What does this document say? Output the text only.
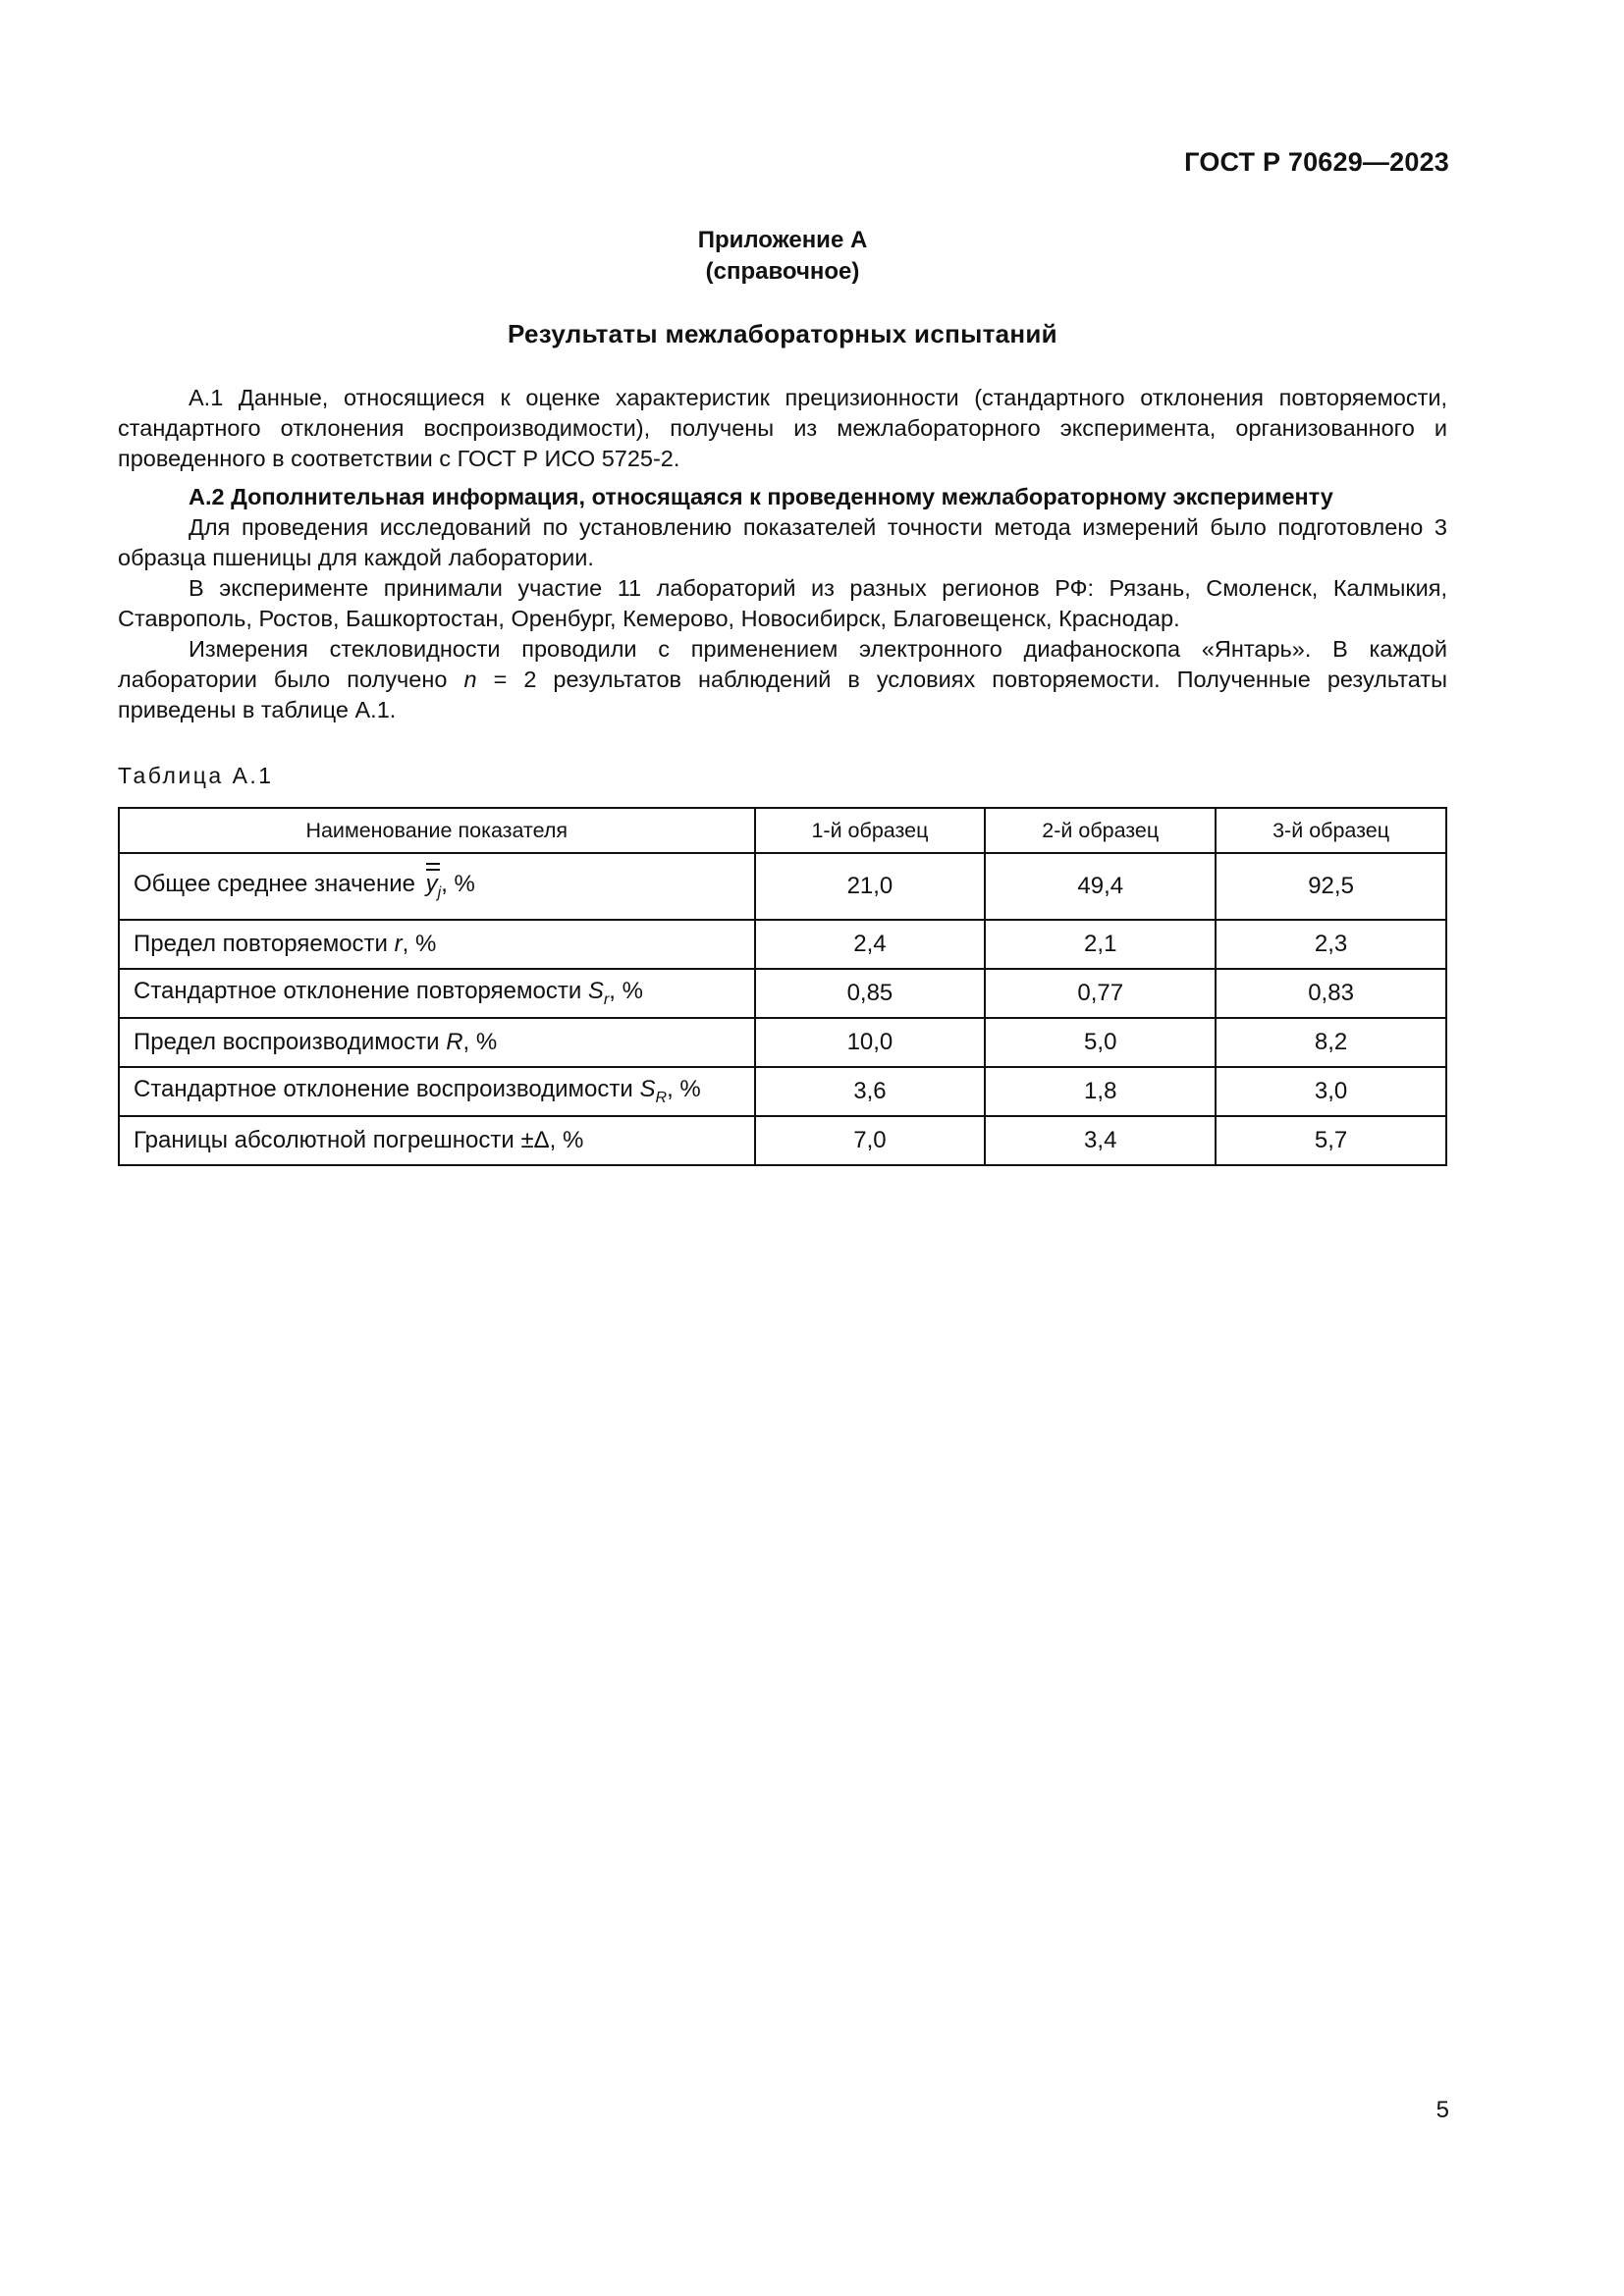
ГОСТ Р 70629—2023
Приложение А
(справочное)
Результаты межлабораторных испытаний

А.1 Данные, относящиеся к оценке характеристик прецизионности (стандартного отклонения повторяемости, стандартного отклонения воспроизводимости), получены из межлабораторного эксперимента, организованного и проведенного в соответствии с ГОСТ Р ИСО 5725-2.

А.2 Дополнительная информация, относящаяся к проведенному межлабораторному эксперименту

Для проведения исследований по установлению показателей точности метода измерений было подготовлено 3 образца пшеницы для каждой лаборатории.

В эксперименте принимали участие 11 лабораторий из разных регионов РФ: Рязань, Смоленск, Калмыкия, Ставрополь, Ростов, Башкортостан, Оренбург, Кемерово, Новосибирск, Благовещенск, Краснодар.

Измерения стекловидности проводили с применением электронного диафаноскопа «Янтарь». В каждой лаборатории было получено n = 2 результатов наблюдений в условиях повторяемости. Полученные результаты приведены в таблице А.1.

Таблица А.1
Наименование показателя	1-й образец	2-й образец	3-й образец
Общее среднее значение $y_j$, %	21,0	49,4	92,5
Предел повторяемости r, %	2,4	2,1	2,3
Стандартное отклонение повторяемости $S_r$, %	0,85	0,77	0,83
Предел воспроизводимости R, %	10,0	5,0	8,2
Стандартное отклонение воспроизводимости $S_R$, %	3,6	1,8	3,0
Границы абсолютной погрешности ±Δ, %	7,0	3,4	5,7
5
